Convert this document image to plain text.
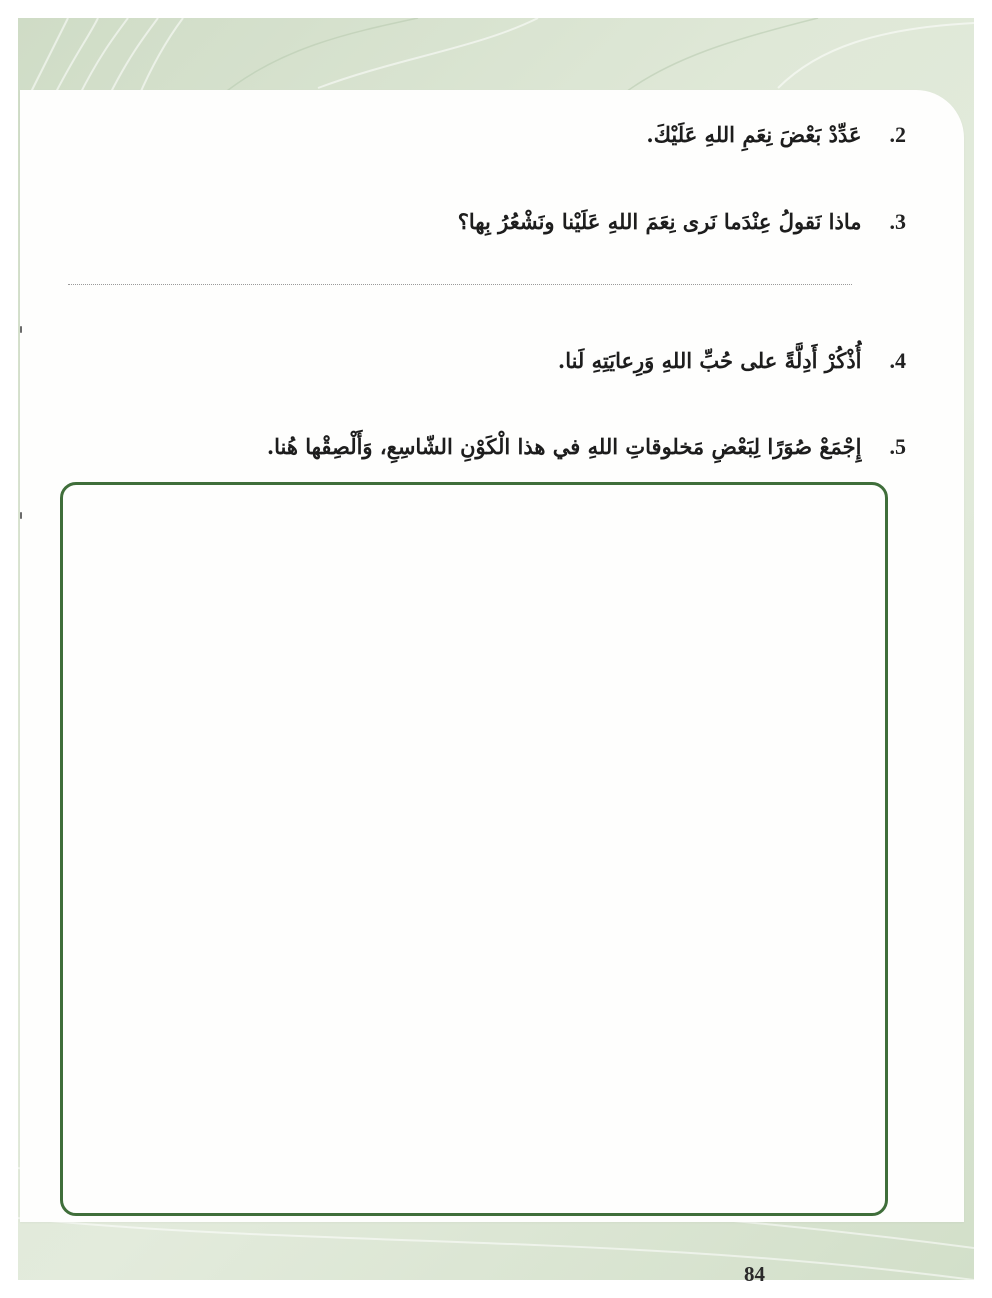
2.
عَدِّدْ بَعْضَ نِعَمِ اللهِ عَلَيْكَ.
3.
ماذا نَقولُ عِنْدَما نَرى نِعَمَ اللهِ عَلَيْنا ونَشْعُرُ بِها؟
4.
أُذْكُرْ أَدِلَّةً على حُبِّ اللهِ وَرِعايَتِهِ لَنا.
5.
إِجْمَعْ صُوَرًا لِبَعْضِ مَخلوقاتِ اللهِ في هذا الْكَوْنِ الشّاسِعِ، وَأَلْصِقْها هُنا.
84
